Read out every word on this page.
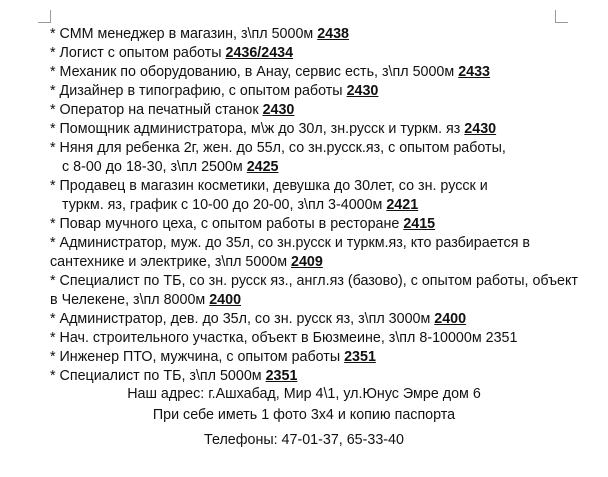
* СММ менеджер в магазин, з\пл 5000м 2438

* Логист с опытом работы 2436/2434

* Механик по оборудованию, в Анау, сервис есть, з\пл 5000м 2433

* Дизайнер в типографию, с опытом работы 2430

* Оператор на печатный станок 2430

* Помощник администратора, м\ж до 30л, зн.русск и туркм. яз 2430

* Няня для ребенка 2г, жен. до 55л, со зн.русск.яз, с опытом работы,

с 8-00 до 18-30, з\пл 2500м 2425

* Продавец в магазин косметики, девушка до 30лет, со зн. русск и

туркм. яз, график с 10-00 до 20-00, з\пл 3-4000м 2421

* Повар мучного цеха, с опытом работы в ресторане 2415

* Администратор, муж. до 35л, со зн.русск и туркм.яз, кто разбирается в

сантехнике и электрике, з\пл 5000м 2409

* Специалист по ТБ, со зн. русск яз., англ.яз (базово), с опытом работы, объект

в Челекене, з\пл 8000м 2400

* Администратор, дев. до 35л, со зн. русск яз, з\пл 3000м 2400

* Нач. строительного участка, объект в Бюзмеине, з\пл 8-10000м 2351

* Инженер ПТО, мужчина, с опытом работы 2351

* Специалист по ТБ, з\пл 5000м 2351

Наш адрес: г.Ашхабад, Мир 4\1, ул.Юнус Эмре дом 6

При себе иметь 1 фото 3х4 и копию паспорта

Телефоны: 47-01-37, 65-33-40
